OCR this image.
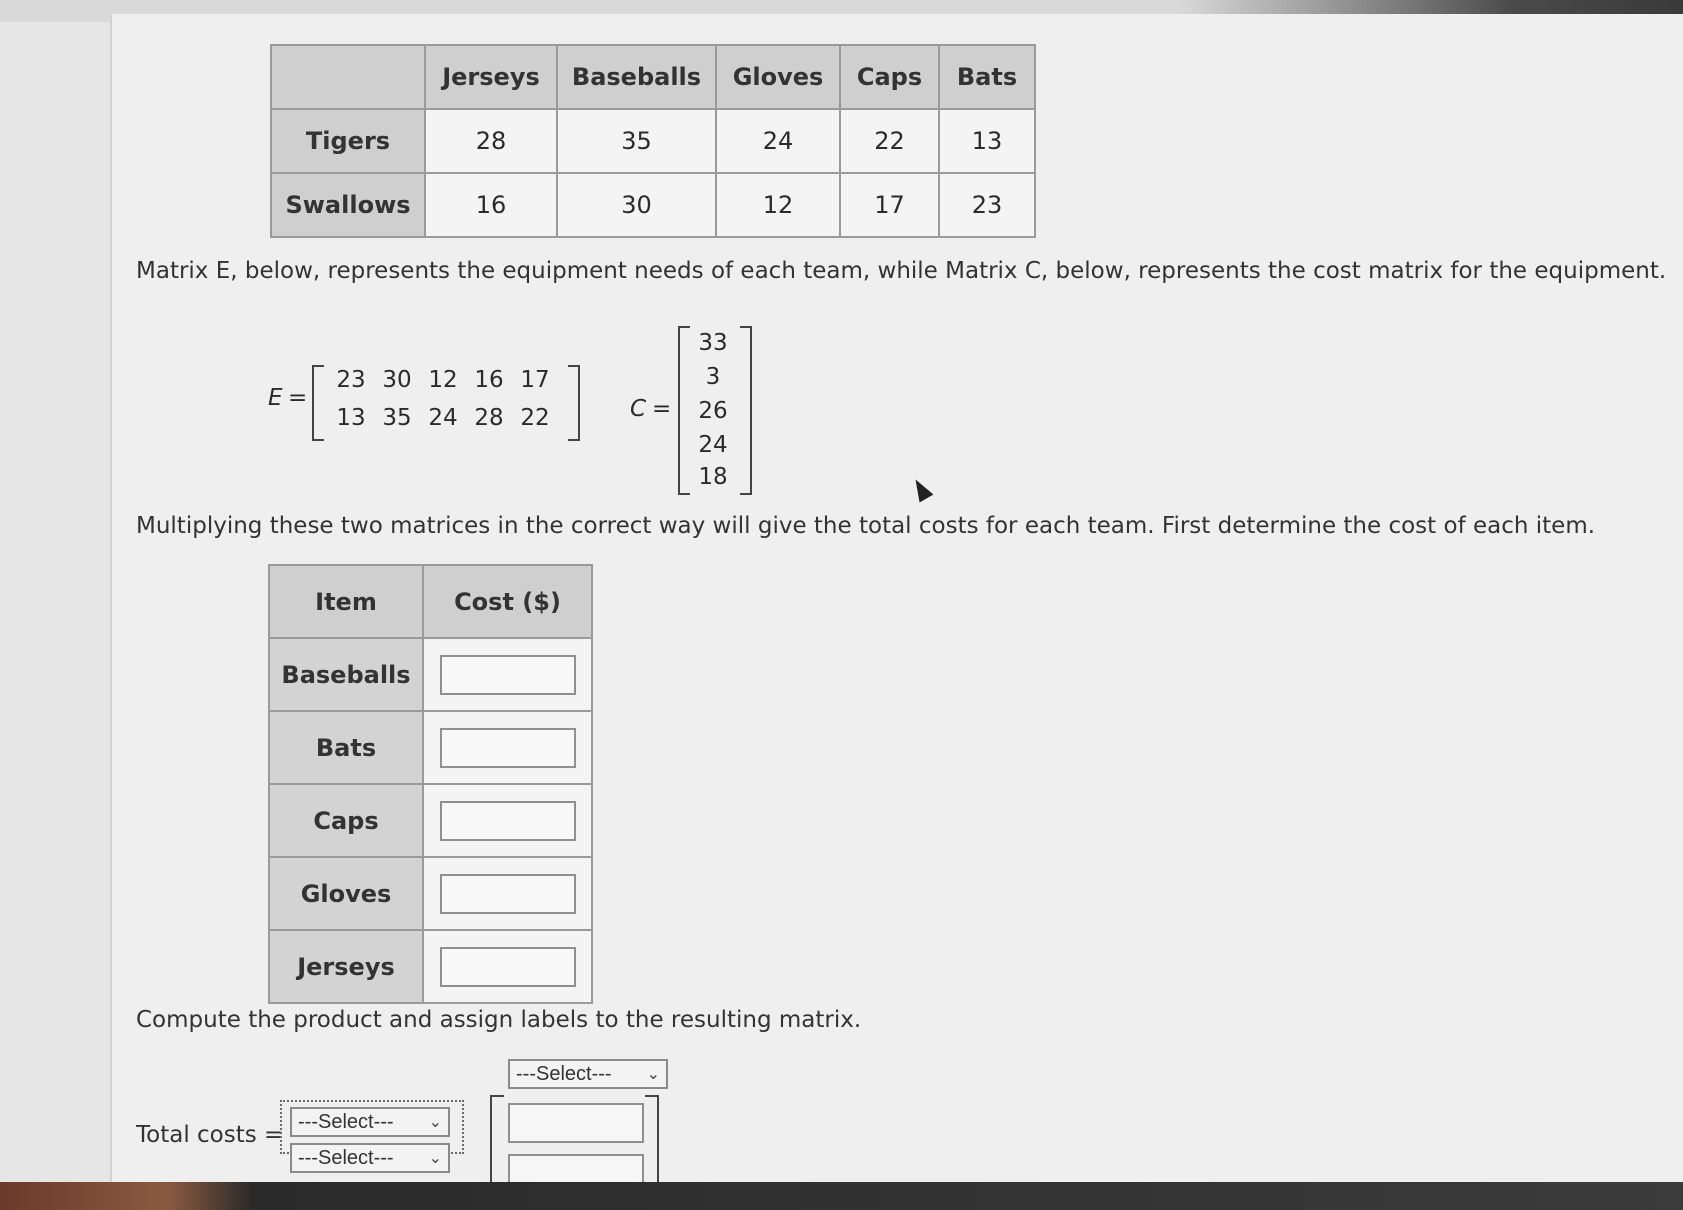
	Jerseys	Baseballs	Gloves	Caps	Bats
Tigers	28	35	24	22	13
Swallows	16	30	12	17	23
Matrix E, below, represents the equipment needs of each team, while Matrix C, below, represents the cost matrix for the equipment.
E =
23 30 12 16 17
13 35 24 28 22	C =
33
3
26
24
18
Multiplying these two matrices in the correct way will give the total costs for each team. First determine the cost of each item.
Item	Cost ($)
Baseballs	

Bats	

Caps	

Gloves	

Jerseys	
Compute the product and assign labels to the resulting matrix.
---Select--- ⌄
Total costs =
---Select--- ⌄
---Select--- ⌄
